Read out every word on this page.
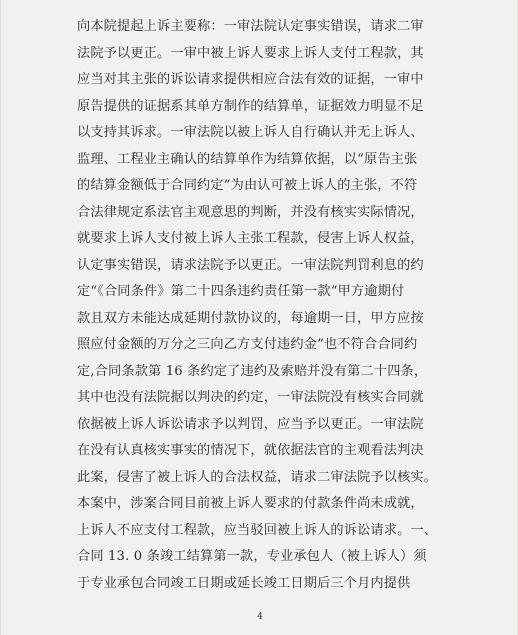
向本院提起上诉主要称：一审法院认定事实错误，请求二审
法院予以更正。一审中被上诉人要求上诉人支付工程款，其
应当对其主张的诉讼请求提供相应合法有效的证据，一审中
原告提供的证据系其单方制作的结算单，证据效力明显不足
以支持其诉求。一审法院以被上诉人自行确认并无上诉人、
监理、工程业主确认的结算单作为结算依据，以“原告主张
的结算金额低于合同约定”为由认可被上诉人的主张，不符
合法律规定系法官主观意思的判断，并没有核实实际情况，
就要求上诉人支付被上诉人主张工程款，侵害上诉人权益，
认定事实错误，请求法院予以更正。一审法院判罚利息的约
定“《合同条件》第二十四条违约责任第一款“甲方逾期付
款且双方未能达成延期付款协议的，每逾期一日，甲方应按
照应付金额的万分之三向乙方支付违约金”也不符合合同约
定,合同条款第 16 条约定了违约及索赔并没有第二十四条，
其中也没有法院据以判决的约定，一审法院没有核实合同就
依据被上诉人诉讼请求予以判罚，应当予以更正。一审法院
在没有认真核实事实的情况下，就依据法官的主观看法判决
此案，侵害了被上诉人的合法权益，请求二审法院予以核实。
本案中，涉案合同目前被上诉人要求的付款条件尚未成就，
上诉人不应支付工程款，应当驳回被上诉人的诉讼请求。一、
合同 13. 0 条竣工结算第一款，专业承包人（被上诉人）须
于专业承包合同竣工日期或延长竣工日期后三个月内提供
4
